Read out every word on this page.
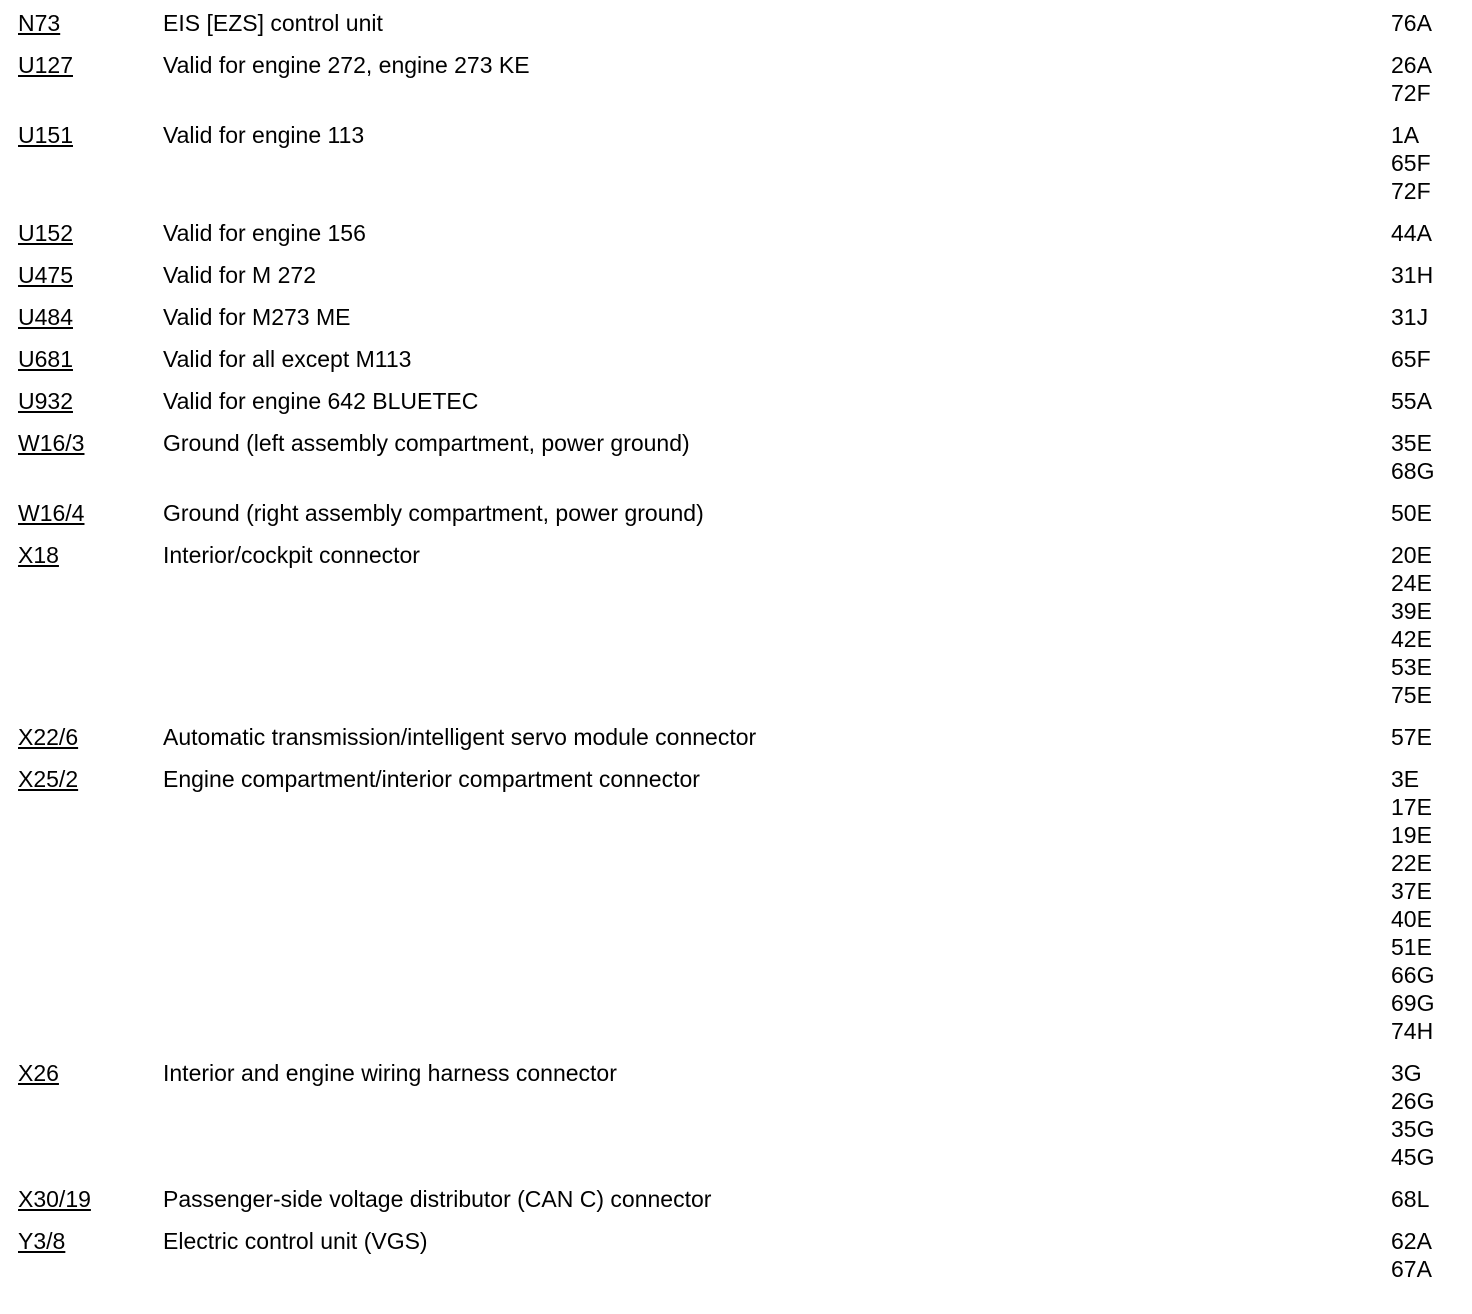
N73	EIS [EZS] control unit	76A
U127	Valid for engine 272, engine 273 KE	26A
72F
U151	Valid for engine 113	1A
65F
72F
U152	Valid for engine 156	44A
U475	Valid for M 272	31H
U484	Valid for M273 ME	31J
U681	Valid for all except M113	65F
U932	Valid for engine 642 BLUETEC	55A
W16/3	Ground (left assembly compartment, power ground)	35E
68G
W16/4	Ground (right assembly compartment, power ground)	50E
X18	Interior/cockpit connector	20E
24E
39E
42E
53E
75E
X22/6	Automatic transmission/intelligent servo module connector	57E
X25/2	Engine compartment/interior compartment connector	3E
17E
19E
22E
37E
40E
51E
66G
69G
74H
X26	Interior and engine wiring harness connector	3G
26G
35G
45G
X30/19	Passenger-side voltage distributor (CAN C) connector	68L
Y3/8	Electric control unit (VGS)	62A
67A
